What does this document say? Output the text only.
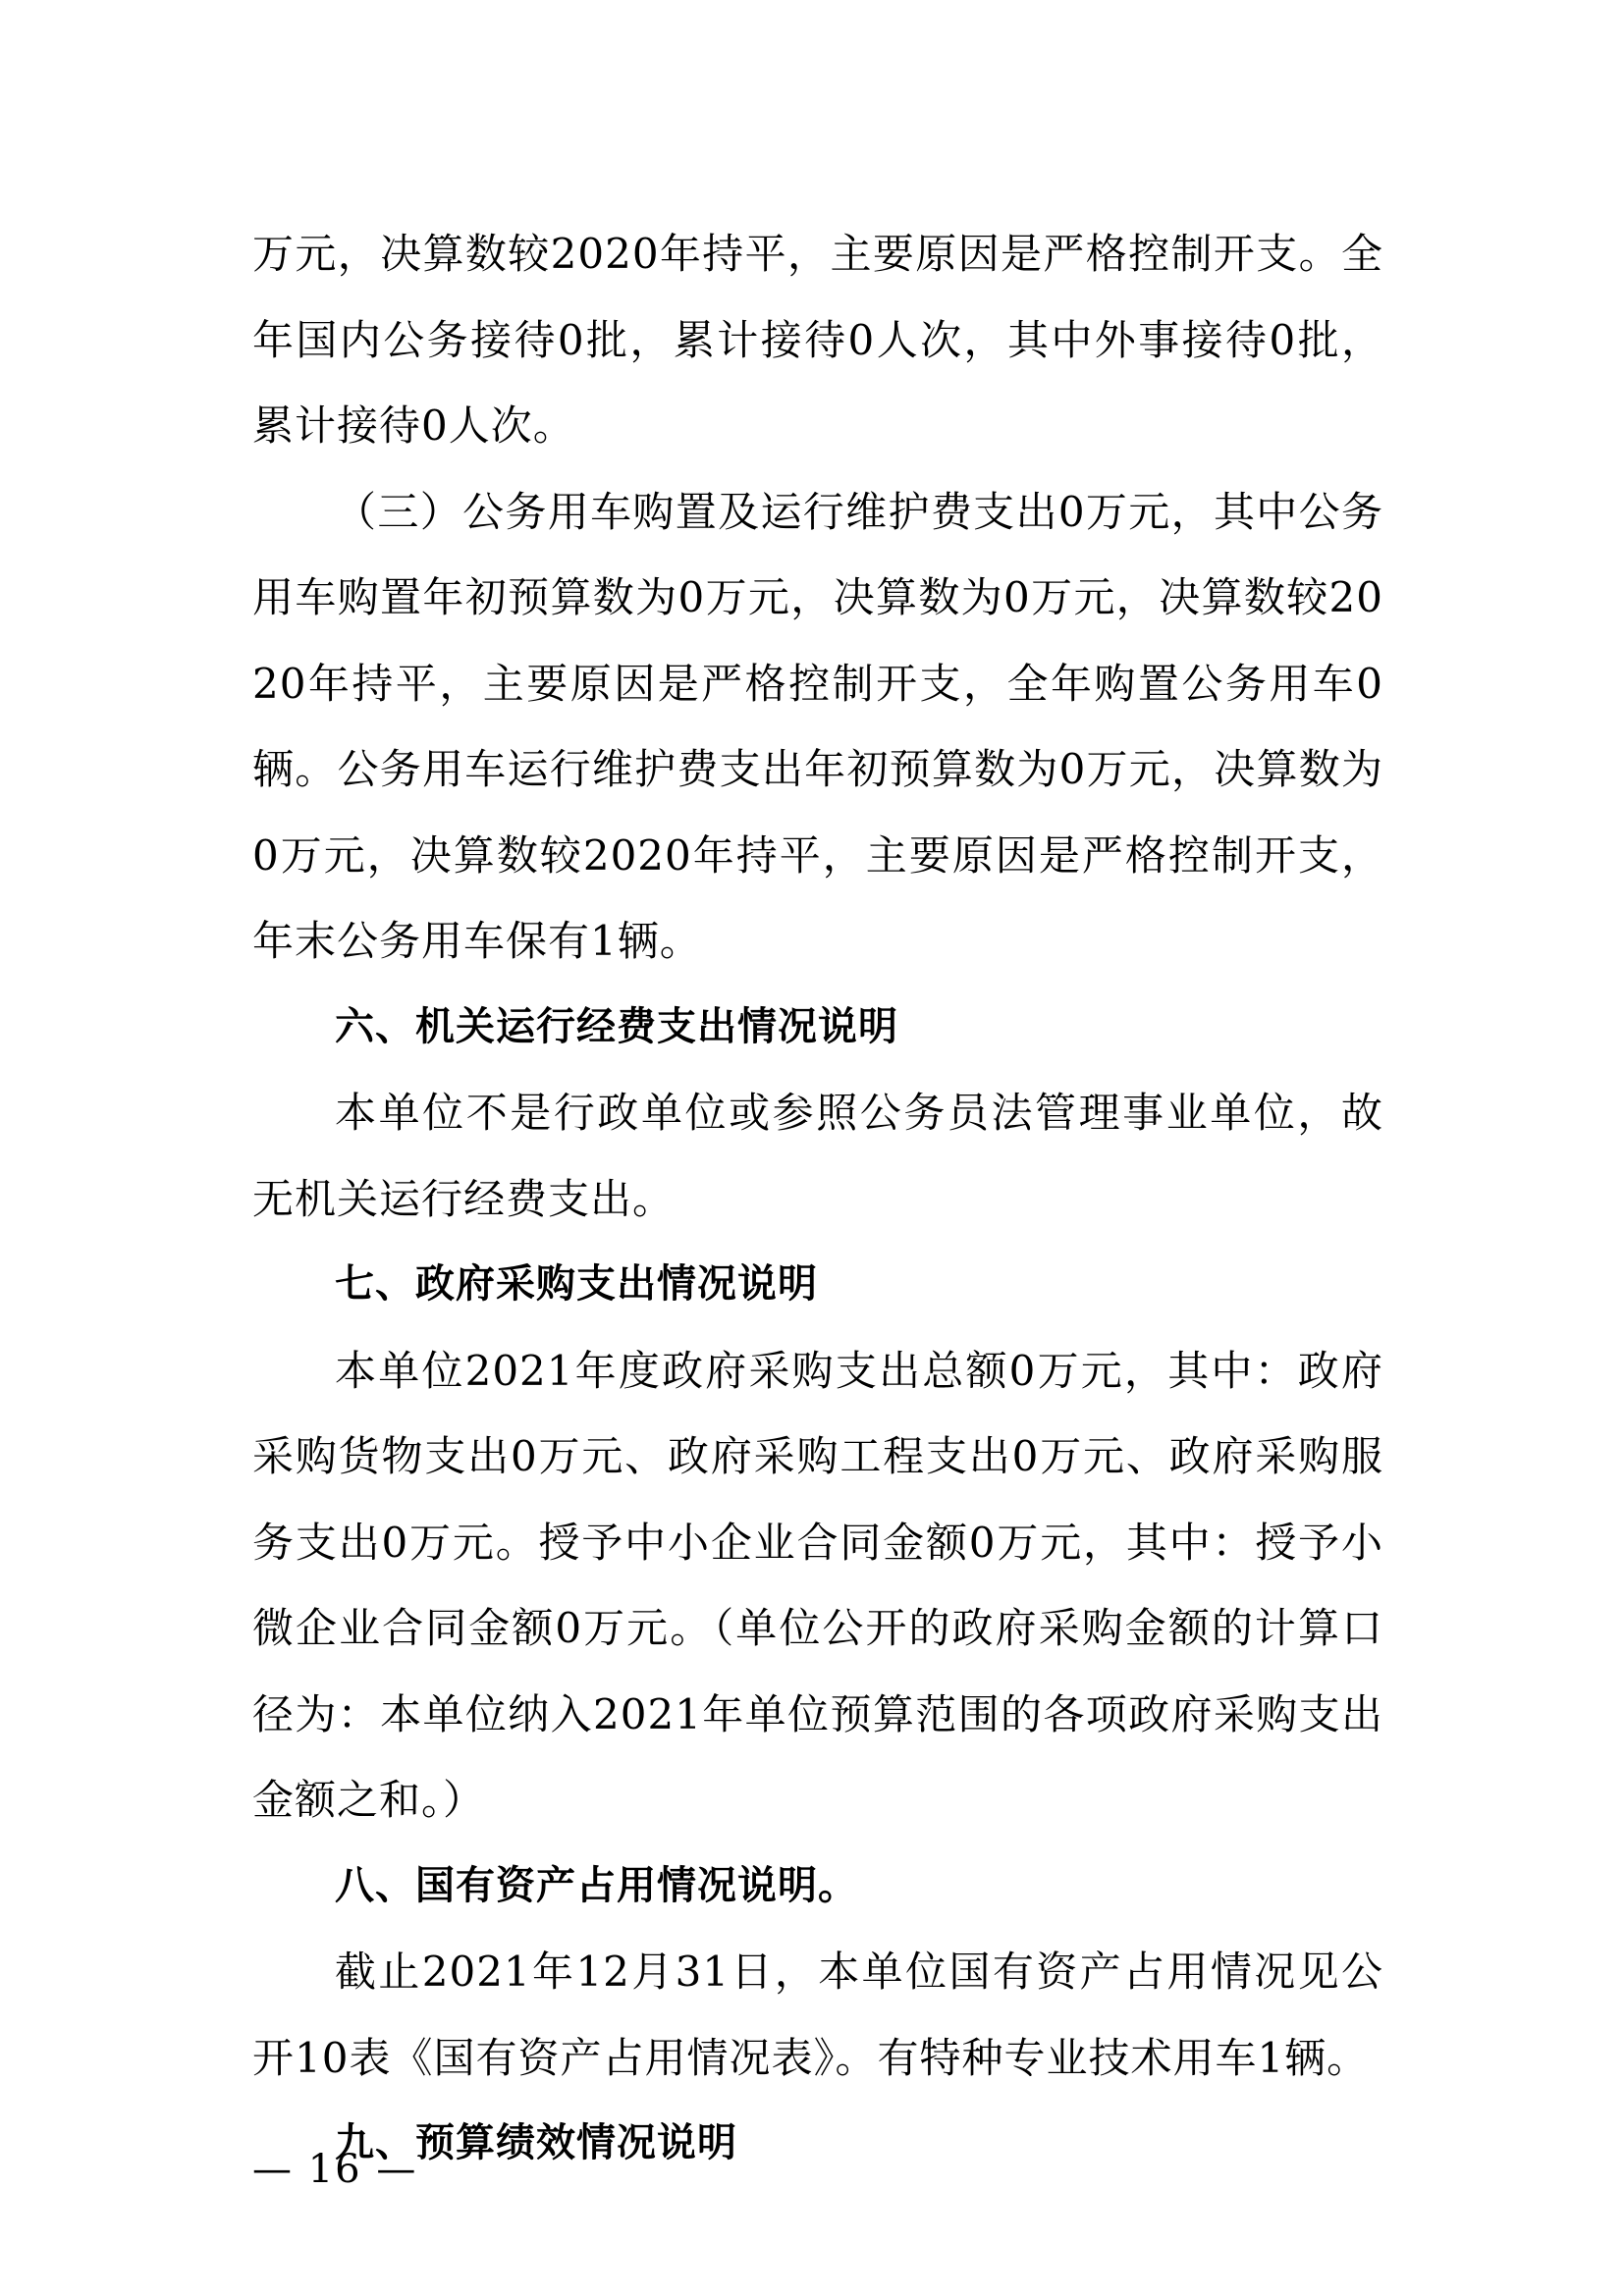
万元，决算数较2020年持平，主要原因是严格控制开支。全年国内公务接待0批，累计接待0人次，其中外事接待0批，累计接待0人次。

（三）公务用车购置及运行维护费支出0万元，其中公务用车购置年初预算数为0万元，决算数为0万元，决算数较2020年持平，主要原因是严格控制开支，全年购置公务用车0辆。公务用车运行维护费支出年初预算数为0万元，决算数为0万元，决算数较2020年持平，主要原因是严格控制开支，年末公务用车保有1辆。

六、机关运行经费支出情况说明

本单位不是行政单位或参照公务员法管理事业单位，故无机关运行经费支出。

七、政府采购支出情况说明

本单位2021年度政府采购支出总额0万元，其中：政府采购货物支出0万元、政府采购工程支出0万元、政府采购服务支出0万元。授予中小企业合同金额0万元，其中：授予小微企业合同金额0万元。（单位公开的政府采购金额的计算口径为：本单位纳入2021年单位预算范围的各项政府采购支出金额之和。）

八、国有资产占用情况说明。

截止2021年12月31日，本单位国有资产占用情况见公开10表《国有资产占用情况表》。有特种专业技术用车1辆。

九、预算绩效情况说明

— 16 —
